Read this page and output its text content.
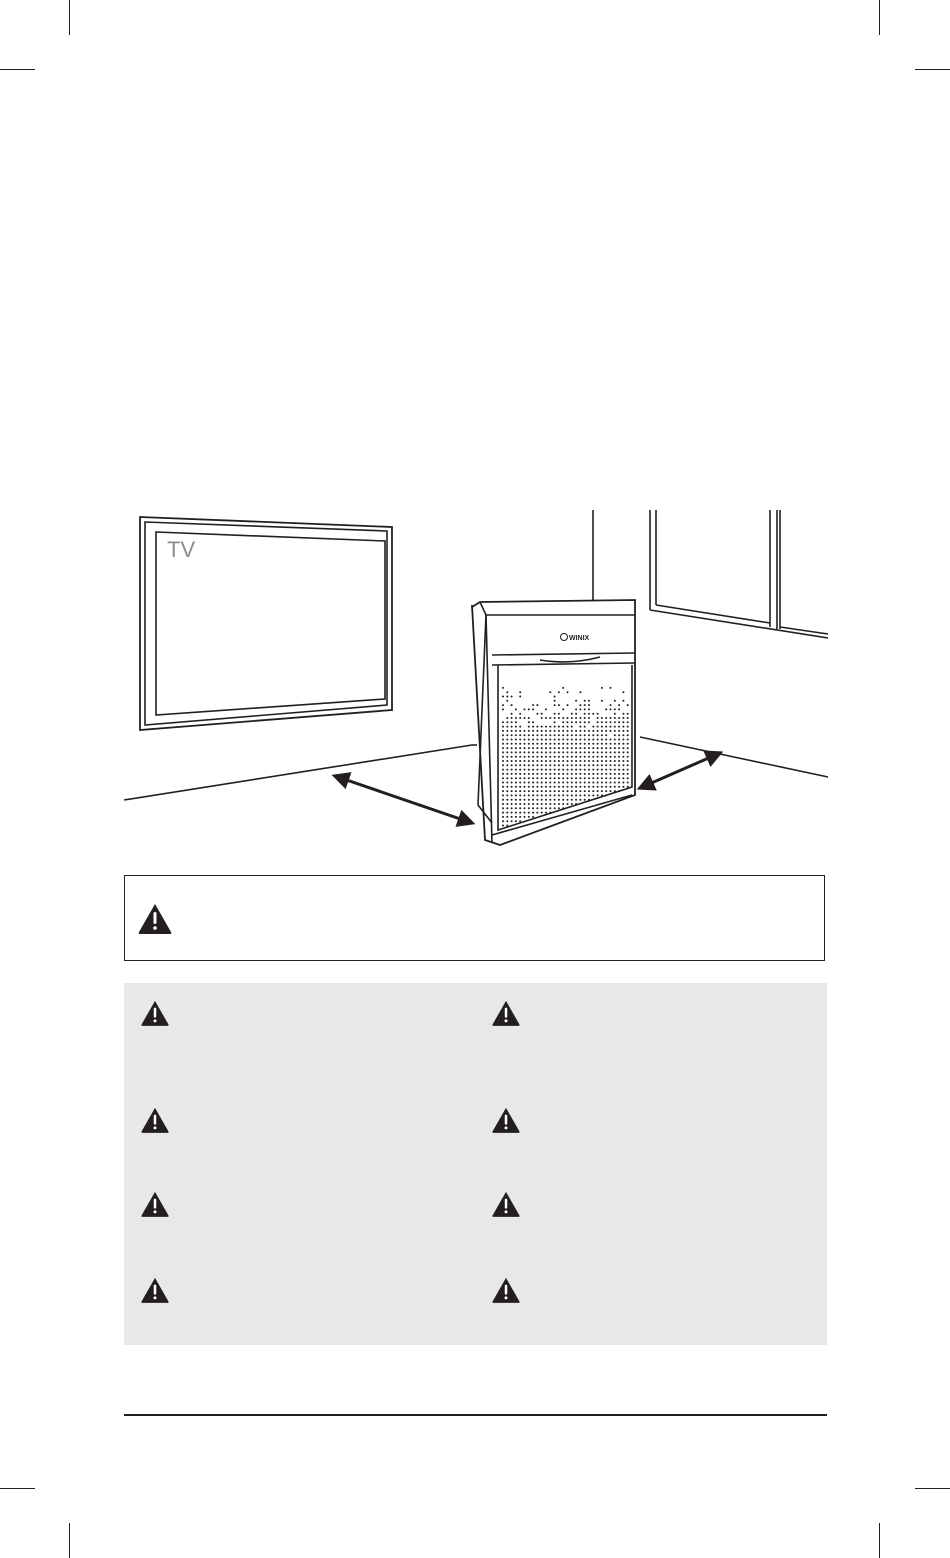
WINIX
TV
